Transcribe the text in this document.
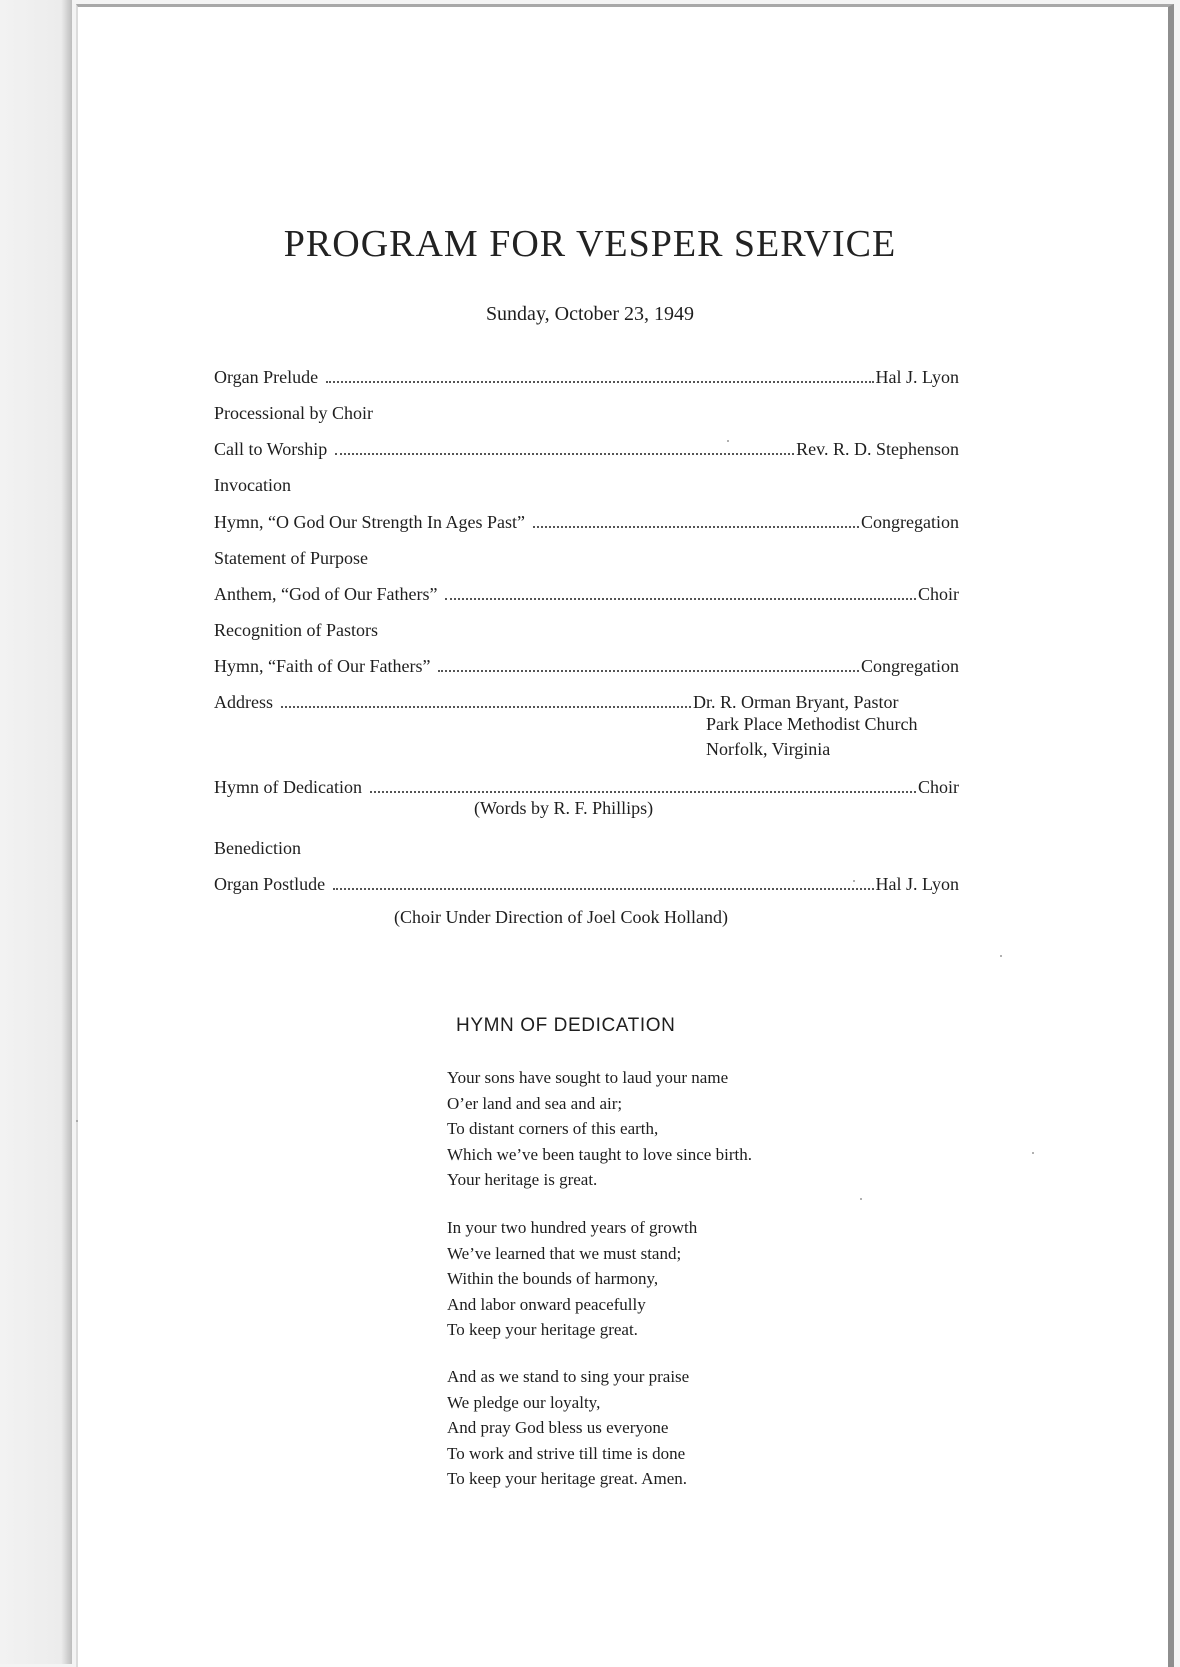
PROGRAM FOR VESPER SERVICE

Sunday, October 23, 1949

Organ Prelude	Hal J. Lyon
Processional by Choir
Call to Worship	Rev. R. D. Stephenson
Invocation
Hymn, “O God Our Strength In Ages Past”	Congregation
Statement of Purpose
Anthem, “God of Our Fathers”	Choir
Recognition of Pastors
Hymn, “Faith of Our Fathers”	Congregation
Address	Dr. R. Orman Bryant, Pastor
Park Place Methodist Church
Norfolk, Virginia
Hymn of Dedication	Choir
(Words by R. F. Phillips)
Benediction
Organ Postlude	Hal J. Lyon
(Choir Under Direction of Joel Cook Holland)
HYMN OF DEDICATION
Your sons have sought to laud your name
O’er land and sea and air;
To distant corners of this earth,
Which we’ve been taught to love since birth.
Your heritage is great.
In your two hundred years of growth
We’ve learned that we must stand;
Within the bounds of harmony,
And labor onward peacefully
To keep your heritage great.
And as we stand to sing your praise
We pledge our loyalty,
And pray God bless us everyone
To work and strive till time is done
To keep your heritage great. Amen.
